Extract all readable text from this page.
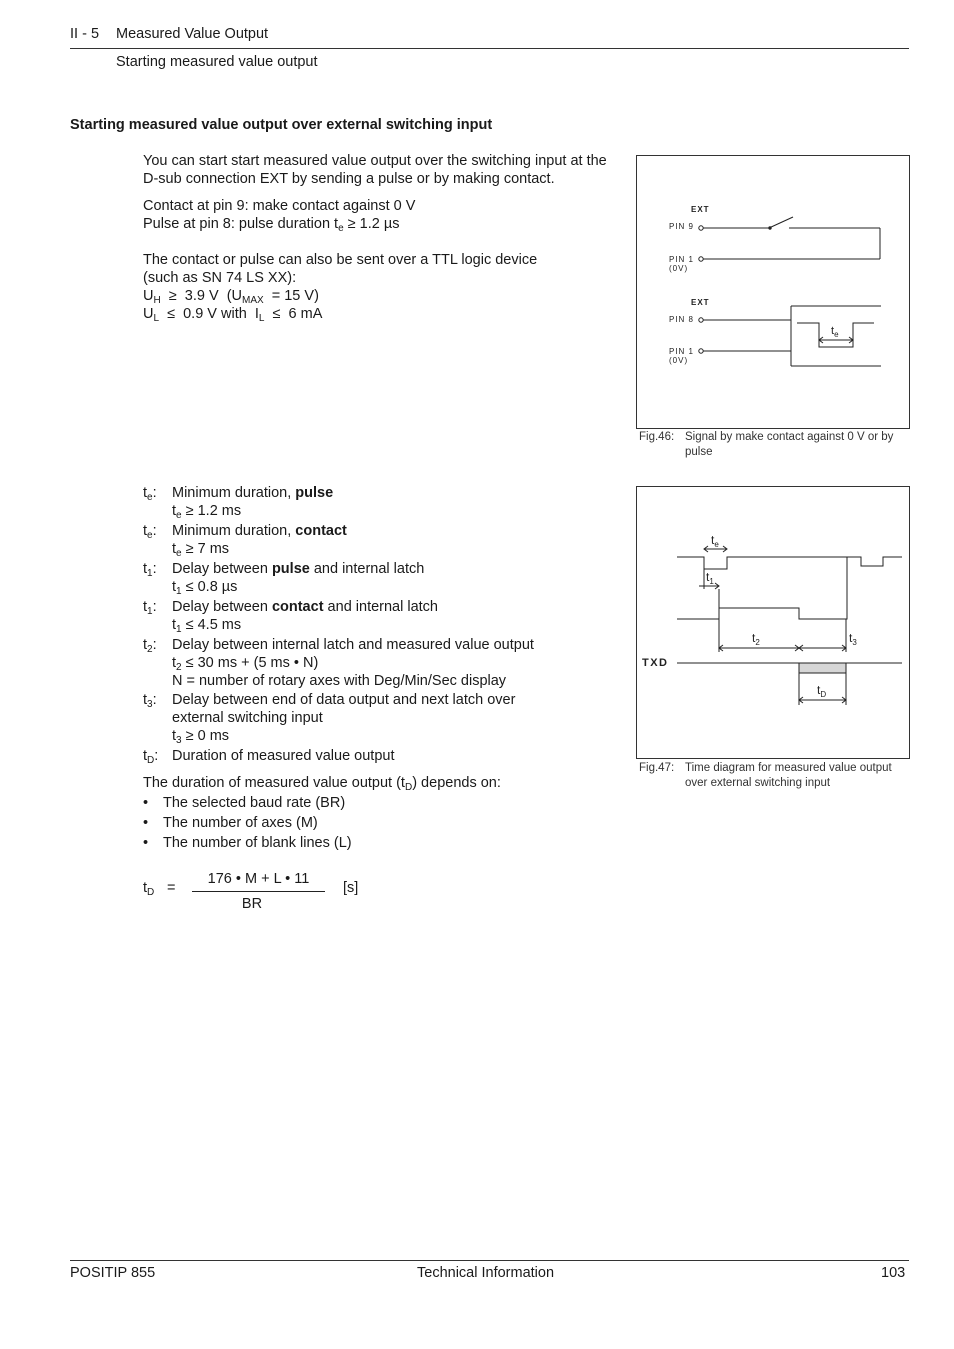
II - 5 Measured Value Output
Starting measured value output
Starting measured value output over external switching input

You can start start measured value output over the switching input at the D-sub connection EXT by sending a pulse or by making contact.

Contact at pin 9: make contact against 0 V
Pulse at pin 8: pulse duration $t_e \ge 1.2$ µs
The contact or pulse can also be sent over a TTL logic device
(such as SN 74 LS XX):
$U_H \ge 3.9$ V  ($U_{MAX} = 15$ V)
$U_L \le 0.9$ V with  $I_L \le 6$ mA
EXT
PIN 9
PIN 1
(0V)
EXT
PIN 8
PIN 1
(0V)
$t_e$
Fig.46: Signal by make contact against 0 V or by pulse
$t_e$
$t_1$
$t_2$	$t_3$
$t_D$
TXD
Fig.47: Time diagram for measured value output over external switching input
$t_e$:	Minimum duration, pulse
$t_e \ge 1.2$ ms
$t_e$:	Minimum duration, contact
$t_e \ge 7$ ms
$t_1$:	Delay between pulse and internal latch
$t_1 \le 0.8$ µs
$t_1$:	Delay between contact and internal latch
$t_1 \le 4.5$ ms
$t_2$:	Delay between internal latch and measured value output
$t_2 \le 30$ ms + (5 ms • N)
N = number of rotary axes with Deg/Min/Sec display
$t_3$:	Delay between end of data output and next latch over
external switching input
$t_3 \ge 0$ ms
$t_D$: Duration of measured value output
The duration of measured value output $(t_D)$ depends on:
• The selected baud rate (BR)
• The number of axes (M)
• The number of blank lines (L)
$t_D$ =
176 • M + L • 11
BR
[s]
POSITIP 855	Technical Information	103
